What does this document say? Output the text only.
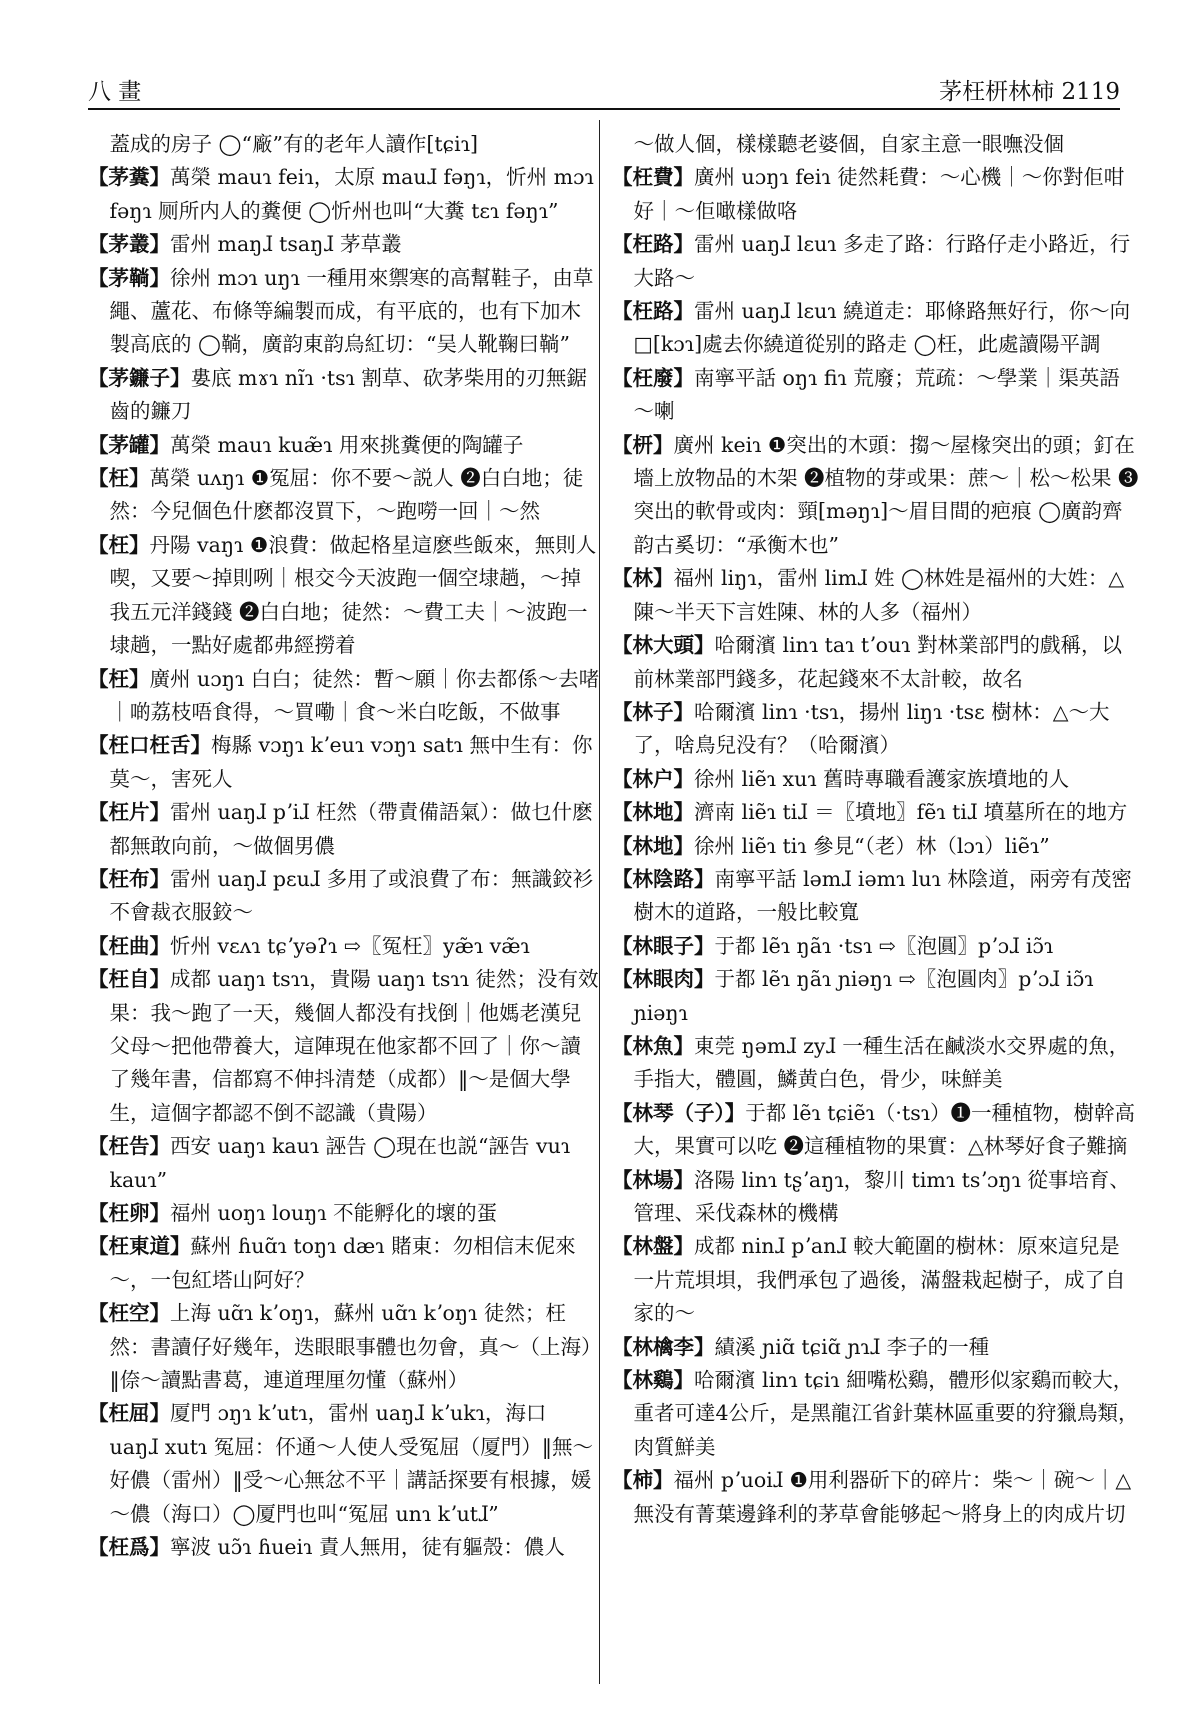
八 畫	茅枉枅林柿 2119

蓋成的房子 ◯“廠”有的老年人讀作[tɕiɿ]

【茅糞】萬榮 mauɿ feiɿ，太原 mauɺ fəŋɿ，忻州 mɔɿ fəŋɿ 厕所内人的糞便 ◯忻州也叫“大糞 tɛɿ fəŋɿ”

【茅叢】雷州 maŋɺ tsaŋɺ 茅草叢

【茅鞝】徐州 mɔɿ uŋɿ 一種用來禦寒的高幫鞋子，由草繩、蘆花、布條等編製而成，有平底的，也有下加木製高底的 ◯鞝，廣韵東韵烏紅切：“吴人靴鞠曰鞝”

【茅鐮子】婁底 mɤɿ nĩɿ ·tsɿ 割草、砍茅柴用的刃無鋸齒的鐮刀

【茅罐】萬榮 mauɿ kuæ̃ɿ 用來挑糞便的陶罐子

【枉】萬榮 uʌŋɿ ❶冤屈：你不要～説人 ❷白白地；徒然：今兒個色什麽都沒買下，～跑嘮一回｜～然

【枉】丹陽 vaŋɿ ❶浪費：做起格星這麽些飯來，無則人喫，又要～掉則咧｜根交今天波跑一個空埭趟，～掉我五元洋錢錢 ❷白白地；徒然：～費工夫｜～波跑一埭趟，一點好處都弗經撈着

【枉】廣州 uɔŋɿ 白白；徒然：暫～願｜你去都係～去啫｜啲荔枝唔食得，～買嘞｜食～米白吃飯，不做事

【枉口枉舌】梅縣 vɔŋɿ kʼeuɿ vɔŋɿ satɿ 無中生有：你莫～，害死人

【枉片】雷州 uaŋɺ pʼiɺ 枉然（帶責備語氣）：做乜什麽都無敢向前，～做個男儂

【枉布】雷州 uaŋɺ pɛuɺ 多用了或浪費了布：無識鉸衫不會裁衣服鉸～

【枉曲】忻州 vɛʌɿ tɕʼyəʔɿ ⇨〖冤枉〗yæ̃ɿ væ̃ɿ

【枉自】成都 uaŋɿ tsɿɿ，貴陽 uaŋɿ tsɿɿ 徒然；没有效果：我～跑了一天，幾個人都没有找倒｜他媽老漢兒父母～把他帶養大，這陣現在他家都不回了｜你～讀了幾年書，信都寫不伸抖清楚（成都）‖～是個大學生，這個字都認不倒不認識（貴陽）

【枉告】西安 uaŋɿ kauɿ 誣告 ◯現在也説“誣告 vuɿ kauɿ”

【枉卵】福州 uoŋɿ louŋɿ 不能孵化的壞的蛋

【枉東道】蘇州 ɦuɑ̃ɿ toŋɿ dæɿ 賭東：勿相信末伲來～，一包紅塔山阿好？

【枉空】上海 uɑ̃ɿ kʼoŋɿ，蘇州 uɑ̃ɿ kʼoŋɿ 徒然；枉然：書讀仔好幾年，迭眼眼事體也勿會，真～（上海）‖倷～讀點書葛，連道理厘勿懂（蘇州）

【枉屈】厦門 ɔŋɿ kʼutɿ，雷州 uaŋɺ kʼukɿ，海口 uaŋɺ xutɿ 冤屈：伓通～人使人受冤屈（厦門）‖無～好儂（雷州）‖受～心無忿不平｜講話探要有根據，媛～儂（海口）◯厦門也叫“冤屈 unɿ kʼutɺ”

【枉爲】寧波 uɔ̃ɿ ɦueiɿ 責人無用，徒有軀殼：儂人

～做人個，樣樣聽老婆個，自家主意一眼嘸没個

【枉費】廣州 uɔŋɿ feiɿ 徒然耗費：～心機｜～你對佢咁好｜～佢噉樣做咯

【枉路】雷州 uaŋɺ lɛuɿ 多走了路：行路仔走小路近，行大路～

【枉路】雷州 uaŋɺ lɛuɿ 繞道走：耶條路無好行，你～向□[kɔɿ]處去你繞道從别的路走 ◯枉，此處讀陽平調

【枉廢】南寧平話 oŋɿ fiɿ 荒廢；荒疏：～學業｜渠英語～喇

【枅】廣州 keiɿ ❶突出的木頭：搊～屋椽突出的頭；釘在墻上放物品的木架 ❷植物的芽或果：蔗～｜松～松果 ❸突出的軟骨或肉：頸[məŋɿ]～眉目間的疤痕 ◯廣韵齊韵古奚切：“承衡木也”

【林】福州 liŋɿ，雷州 limɺ 姓 ◯林姓是福州的大姓：△陳～半天下言姓陳、林的人多（福州）

【林大頭】哈爾濱 linɿ taɿ tʼouɿ 對林業部門的戲稱，以前林業部門錢多，花起錢來不太計較，故名

【林子】哈爾濱 linɿ ·tsɿ，揚州 liŋɿ ·tsɛ 樹林：△～大了，啥鳥兒没有？（哈爾濱）

【林户】徐州 liẽɿ xuɿ 舊時專職看護家族墳地的人

【林地】濟南 liẽɿ tiɺ ＝〖墳地〗fẽɿ tiɺ 墳墓所在的地方

【林地】徐州 liẽɿ tiɿ 參見“（老）林（lɔɿ）liẽɿ”

【林陰路】南寧平話 ləmɺ iəmɿ luɿ 林陰道，兩旁有茂密樹木的道路，一般比較寬

【林眼子】于都 lẽɿ ŋãɿ ·tsɿ ⇨〖泡圓〗pʼɔɺ iɔ̃ɿ

【林眼肉】于都 lẽɿ ŋãɿ ɲiəŋɿ ⇨〖泡圓肉〗pʼɔɺ iɔ̃ɿ ɲiəŋɿ

【林魚】東莞 ŋəmɺ zyɺ 一種生活在鹹淡水交界處的魚，手指大，體圓，鱗黄白色，骨少，味鮮美

【林琴（子）】于都 lẽɿ tɕiẽɿ（·tsɿ）❶一種植物，樹幹高大，果實可以吃 ❷這種植物的果實：△林琴好食子難摘

【林場】洛陽 linɿ tʂʼaŋɿ，黎川 timɿ tsʼɔŋɿ 從事培育、管理、采伐森林的機構

【林盤】成都 ninɺ pʼanɺ 較大範圍的樹林：原來這兒是一片荒垻垻，我們承包了過後，滿盤栽起樹子，成了自家的～

【林檎李】績溪 ɲiɑ̃ tɕiɑ̃ ɲɿɺ 李子的一種

【林鷄】哈爾濱 linɿ tɕiɿ 細嘴松鷄，體形似家鷄而較大，重者可達4公斤，是黑龍江省針葉林區重要的狩獵鳥類，肉質鮮美

【柿】福州 pʼuoiɺ ❶用利器斫下的碎片：柴～｜碗～｜△無没有菁葉邊鋒利的茅草會能够起～將身上的肉成片切
